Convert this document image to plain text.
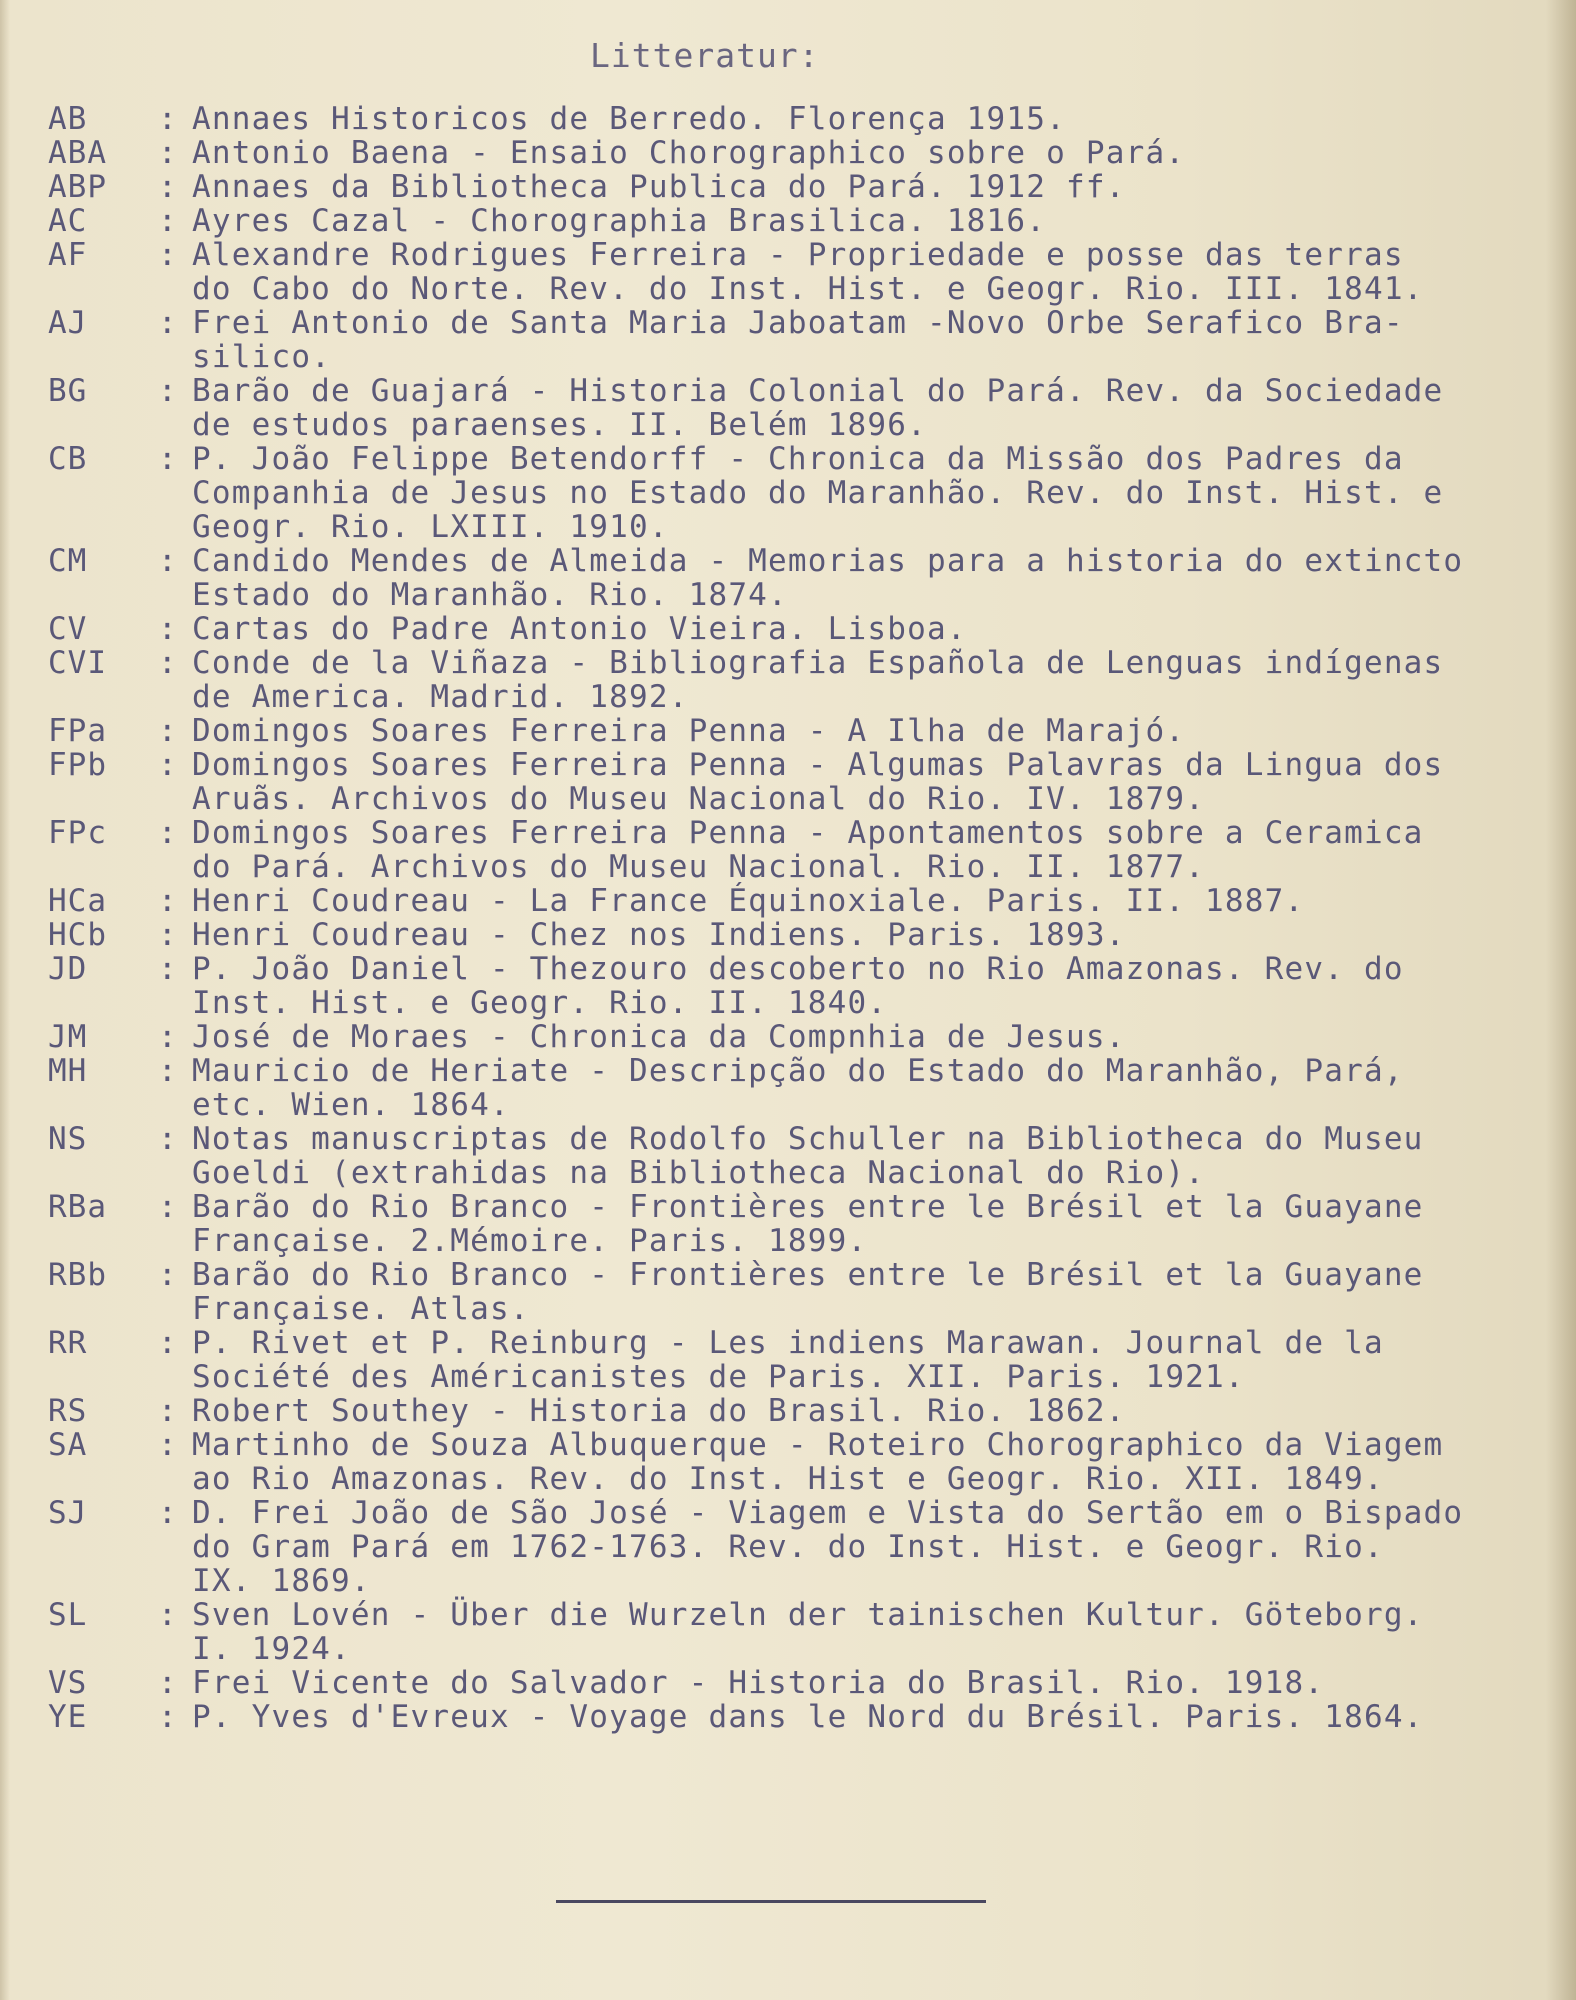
Litteratur:
AB	: Annaes Historicos de Berredo. Florença 1915.
ABA	: Antonio Baena - Ensaio Chorographico sobre o Pará.
ABP	: Annaes da Bibliotheca Publica do Pará. 1912 ff.
AC	: Ayres Cazal - Chorographia Brasilica. 1816.
AF	: Alexandre Rodrigues Ferreira - Propriedade e posse das terras
do Cabo do Norte. Rev. do Inst. Hist. e Geogr. Rio. III. 1841.
AJ	: Frei Antonio de Santa Maria Jaboatam -Novo Orbe Serafico Bra-
silico.
BG	: Barão de Guajará - Historia Colonial do Pará. Rev. da Sociedade
de estudos paraenses. II. Belém 1896.
CB	: P. João Felippe Betendorff - Chronica da Missão dos Padres da
Companhia de Jesus no Estado do Maranhão. Rev. do Inst. Hist. e
Geogr. Rio. LXIII. 1910.
CM	: Candido Mendes de Almeida - Memorias para a historia do extincto
Estado do Maranhão. Rio. 1874.
CV	: Cartas do Padre Antonio Vieira. Lisboa.
CVI	: Conde de la Viñaza - Bibliografia Española de Lenguas indígenas
de America. Madrid. 1892.
FPa	: Domingos Soares Ferreira Penna - A Ilha de Marajó.
FPb	: Domingos Soares Ferreira Penna - Algumas Palavras da Lingua dos
Aruãs. Archivos do Museu Nacional do Rio. IV. 1879.
FPc	: Domingos Soares Ferreira Penna - Apontamentos sobre a Ceramica
do Pará. Archivos do Museu Nacional. Rio. II. 1877.
HCa	: Henri Coudreau - La France Équinoxiale. Paris. II. 1887.
HCb	: Henri Coudreau - Chez nos Indiens. Paris. 1893.
JD	: P. João Daniel - Thezouro descoberto no Rio Amazonas. Rev. do
Inst. Hist. e Geogr. Rio. II. 1840.
JM	: José de Moraes - Chronica da Compnhia de Jesus.
MH	: Mauricio de Heriate - Descripção do Estado do Maranhão, Pará,
etc. Wien. 1864.
NS	: Notas manuscriptas de Rodolfo Schuller na Bibliotheca do Museu
Goeldi (extrahidas na Bibliotheca Nacional do Rio).
RBa	: Barão do Rio Branco - Frontières entre le Brésil et la Guayane
Française. 2.Mémoire. Paris. 1899.
RBb	: Barão do Rio Branco - Frontières entre le Brésil et la Guayane
Française. Atlas.
RR	: P. Rivet et P. Reinburg - Les indiens Marawan. Journal de la
Société des Américanistes de Paris. XII. Paris. 1921.
RS	: Robert Southey - Historia do Brasil. Rio. 1862.
SA	: Martinho de Souza Albuquerque - Roteiro Chorographico da Viagem
ao Rio Amazonas. Rev. do Inst. Hist e Geogr. Rio. XII. 1849.
SJ	: D. Frei João de São José - Viagem e Vista do Sertão em o Bispado
do Gram Pará em 1762-1763. Rev. do Inst. Hist. e Geogr. Rio.
IX. 1869.
SL	: Sven Lovén - Über die Wurzeln der tainischen Kultur. Göteborg.
I. 1924.
VS	: Frei Vicente do Salvador - Historia do Brasil. Rio. 1918.
YE	: P. Yves d'Evreux - Voyage dans le Nord du Brésil. Paris. 1864.
